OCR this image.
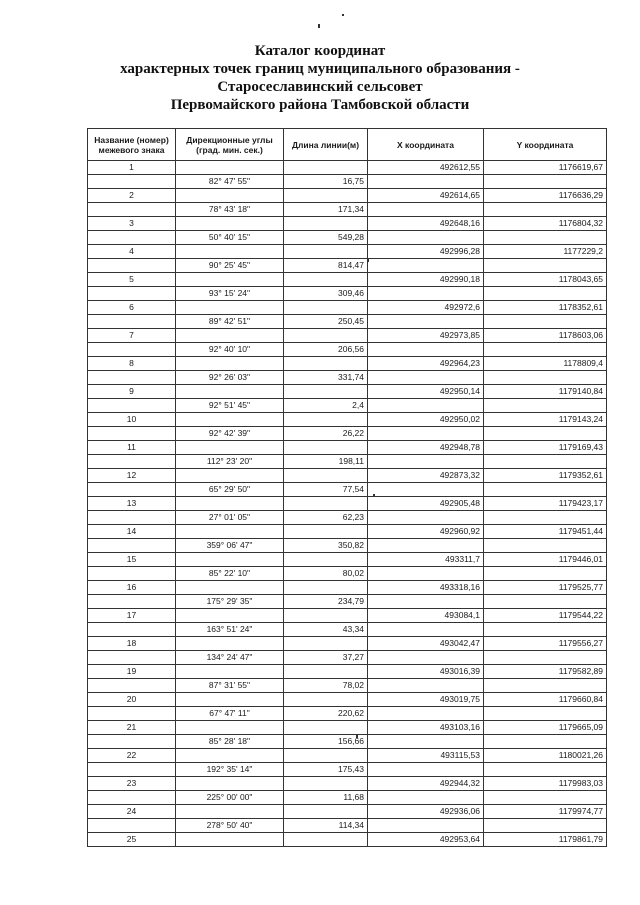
Каталог координат
характерных точек границ муниципального образования -
Старосеславинский сельсовет
Первомайского района Тамбовской области
Название (номер) межевого знака	Дирекционные углы (град. мин. сек.)	Длина линии(м)	X координата	Y координата
1			492612,55	1176619,67
	82° 47' 55"	16,75		
2			492614,65	1176636,29
	78° 43' 18"	171,34		
3			492648,16	1176804,32
	50° 40' 15"	549,28		
4			492996,28	1177229,2
	90° 25' 45"	814,47		
5			492990,18	1178043,65
	93° 15' 24"	309,46		
6			492972,6	1178352,61
	89° 42' 51"	250,45		
7			492973,85	1178603,06
	92° 40' 10"	206,56		
8			492964,23	1178809,4
	92° 26' 03"	331,74		
9			492950,14	1179140,84
	92° 51' 45"	2,4		
10			492950,02	1179143,24
	92° 42' 39"	26,22		
11			492948,78	1179169,43
	112° 23' 20"	198,11		
12			492873,32	1179352,61
	65° 29' 50"	77,54		
13			492905,48	1179423,17
	27° 01' 05"	62,23		
14			492960,92	1179451,44
	359° 06' 47"	350,82		
15			493311,7	1179446,01
	85° 22' 10"	80,02		
16			493318,16	1179525,77
	175° 29' 35"	234,79		
17			493084,1	1179544,22
	163° 51' 24"	43,34		
18			493042,47	1179556,27
	134° 24' 47"	37,27		
19			493016,39	1179582,89
	87° 31' 55"	78,02		
20			493019,75	1179660,84
	67° 47' 11"	220,62		
21			493103,16	1179665,09
	85° 28' 18"	156,66		
22			493115,53	1180021,26
	192° 35' 14"	175,43		
23			492944,32	1179983,03
	225° 00' 00"	11,68		
24			492936,06	1179974,77
	278° 50' 40"	114,34		
25			492953,64	1179861,79
